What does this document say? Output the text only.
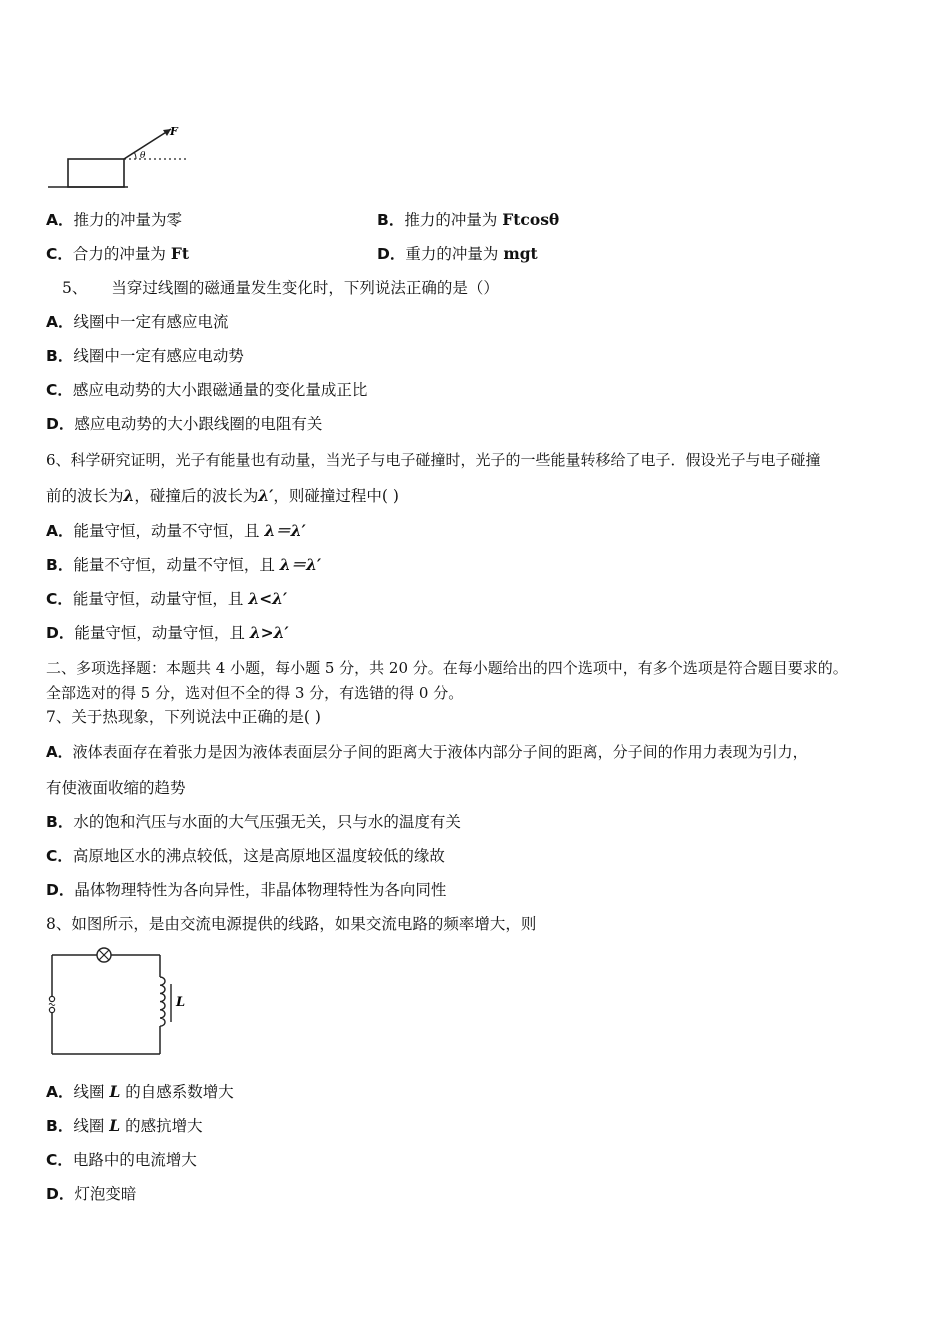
F
θ
A．推力的冲量为零	B．推力的冲量为 Ftcosθ
C．合力的冲量为 Ft	D．重力的冲量为 mgt
5、 当穿过线圈的磁通量发生变化时，下列说法正确的是（）
A．线圈中一定有感应电流
B．线圈中一定有感应电动势
C．感应电动势的大小跟磁通量的变化量成正比
D．感应电动势的大小跟线圈的电阻有关
6、科学研究证明，光子有能量也有动量，当光子与电子碰撞时，光子的一些能量转移给了电子．假设光子与电子碰撞
前的波长为λ，碰撞后的波长为λ′，则碰撞过程中( )
A．能量守恒，动量不守恒，且 λ＝λ′
B．能量不守恒，动量不守恒，且 λ＝λ′
C．能量守恒，动量守恒，且 λ<λ′
D．能量守恒，动量守恒，且 λ>λ′
二、多项选择题：本题共 4 小题，每小题 5 分，共 20 分。在每小题给出的四个选项中，有多个选项是符合题目要求的。
全部选对的得 5 分，选对但不全的得 3 分，有选错的得 0 分。
7、关于热现象，下列说法中正确的是( )
A．液体表面存在着张力是因为液体表面层分子间的距离大于液体内部分子间的距离，分子间的作用力表现为引力，
有使液面收缩的趋势
B．水的饱和汽压与水面的大气压强无关，只与水的温度有关
C．高原地区水的沸点较低，这是高原地区温度较低的缘故
D．晶体物理特性为各向异性，非晶体物理特性为各向同性
8、如图所示，是由交流电源提供的线路，如果交流电路的频率增大，则
L
A．线圈 L 的自感系数增大
B．线圈 L 的感抗增大
C．电路中的电流增大
D．灯泡变暗
